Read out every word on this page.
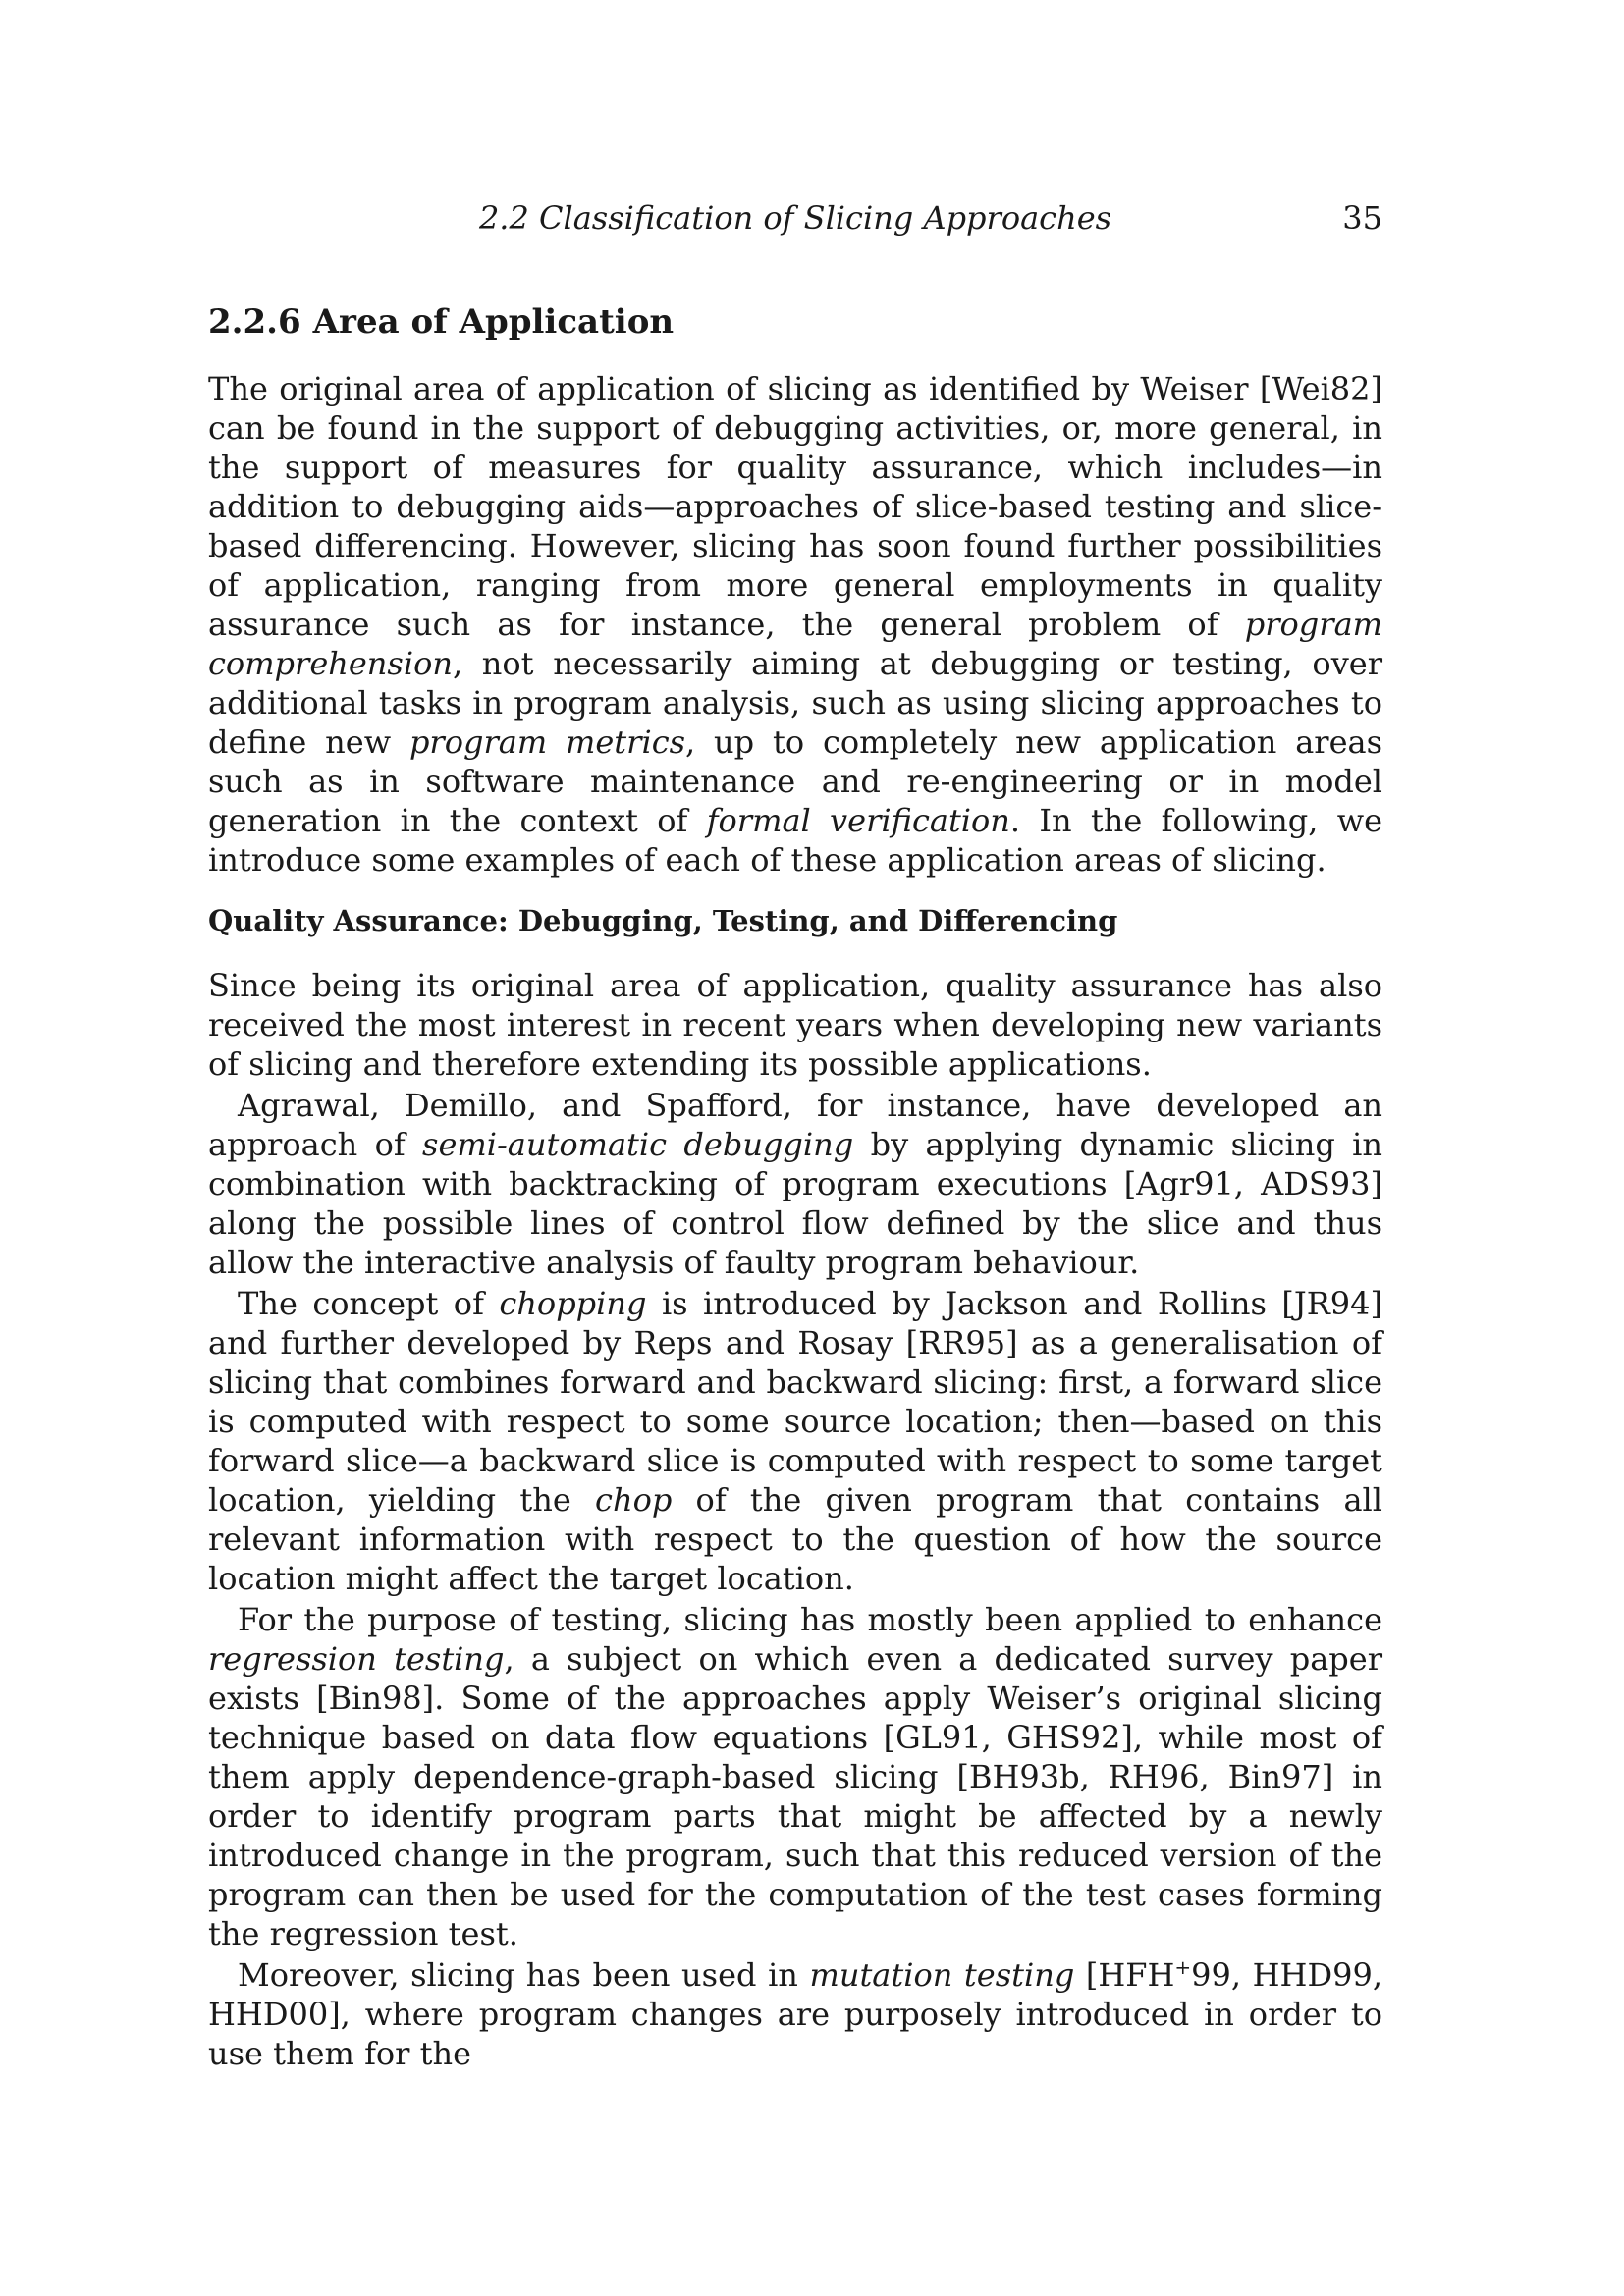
2.2 Classification of Slicing Approaches	35
2.2.6 Area of Application

The original area of application of slicing as identified by Weiser [Wei82] can be found in the support of debugging activities, or, more general, in the support of measures for quality assurance, which includes—in addition to debugging aids—approaches of slice-based testing and slice-based differencing. However, slicing has soon found further possibilities of application, ranging from more general employments in quality assurance such as for instance, the general problem of program comprehension, not necessarily aiming at debugging or testing, over additional tasks in program analysis, such as using slicing approaches to define new program metrics, up to completely new application areas such as in software maintenance and re-engineering or in model generation in the context of formal verification. In the following, we introduce some examples of each of these application areas of slicing.

Quality Assurance: Debugging, Testing, and Differencing

Since being its original area of application, quality assurance has also received the most interest in recent years when developing new variants of slicing and therefore extending its possible applications.

Agrawal, Demillo, and Spafford, for instance, have developed an approach of semi-automatic debugging by applying dynamic slicing in combination with backtracking of program executions [Agr91, ADS93] along the possible lines of control flow defined by the slice and thus allow the interactive analysis of faulty program behaviour.

The concept of chopping is introduced by Jackson and Rollins [JR94] and further developed by Reps and Rosay [RR95] as a generalisation of slicing that combines forward and backward slicing: first, a forward slice is computed with respect to some source location; then—based on this forward slice—a backward slice is computed with respect to some target location, yielding the chop of the given program that contains all relevant information with respect to the question of how the source location might affect the target location.

For the purpose of testing, slicing has mostly been applied to enhance regression testing, a subject on which even a dedicated survey paper exists [Bin98]. Some of the approaches apply Weiser’s original slicing technique based on data flow equations [GL91, GHS92], while most of them apply dependence-graph-based slicing [BH93b, RH96, Bin97] in order to identify program parts that might be affected by a newly introduced change in the program, such that this reduced version of the program can then be used for the computation of the test cases forming the regression test.

Moreover, slicing has been used in mutation testing [HFH+99, HHD99, HHD00], where program changes are purposely introduced in order to use them for the
